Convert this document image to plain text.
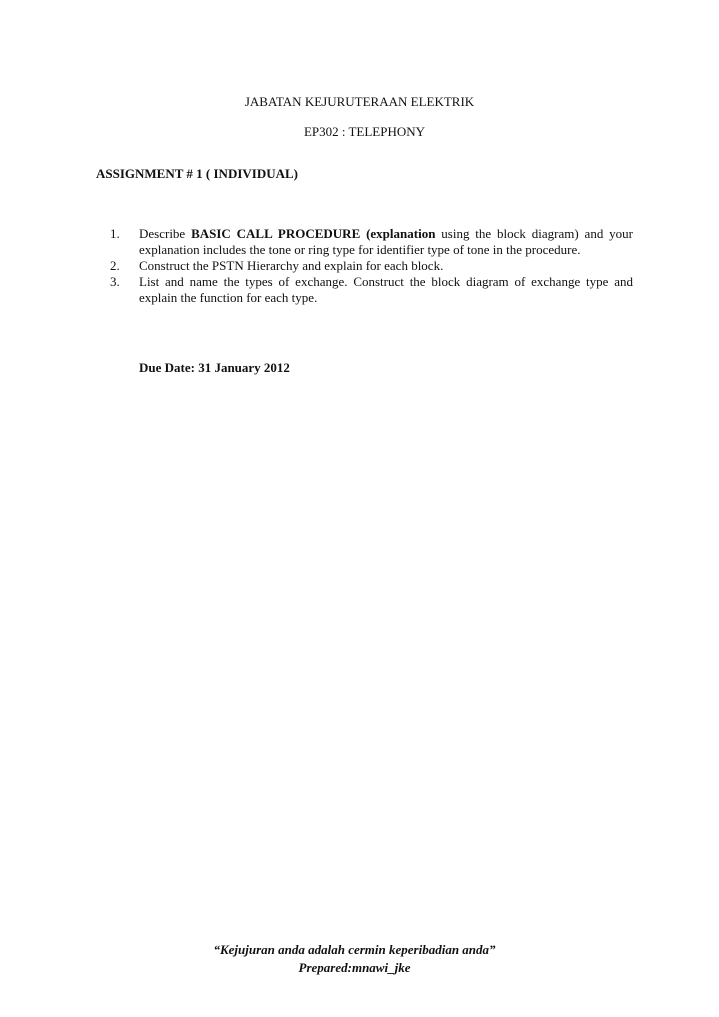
JABATAN KEJURUTERAAN ELEKTRIK
EP302 : TELEPHONY
ASSIGNMENT # 1 ( INDIVIDUAL)
1. Describe BASIC CALL PROCEDURE (explanation using the block diagram) and your explanation includes the tone or ring type for identifier type of tone in the procedure.
2. Construct the PSTN Hierarchy and explain for each block.
3. List and name the types of exchange. Construct the block diagram of exchange type and explain the function for each type.
Due Date: 31 January 2012
“Kejujuran anda adalah cermin keperibadian anda”
Prepared:mnawi_jke
